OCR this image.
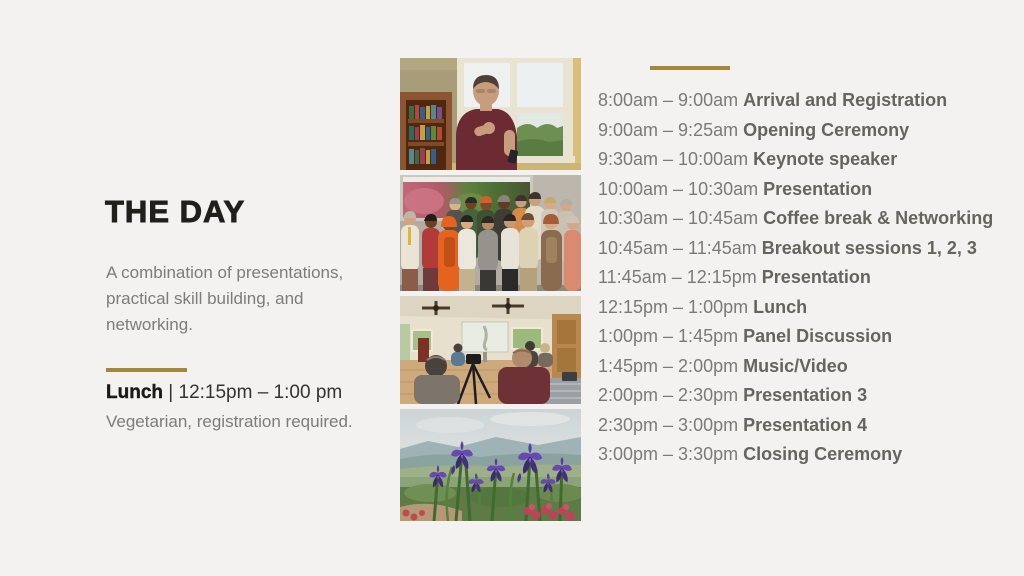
THE DAY

A combination of presentations, practical skill building, and networking.

Lunch | 12:15pm – 1:00 pm

Vegetarian, registration required.

8:00am – 9:00am Arrival and Registration
9:00am – 9:25am Opening Ceremony
9:30am – 10:00am Keynote speaker
10:00am – 10:30am Presentation
10:30am – 10:45am Coffee break & Networking
10:45am – 11:45am Breakout sessions 1, 2, 3
11:45am – 12:15pm Presentation
12:15pm – 1:00pm Lunch
1:00pm – 1:45pm Panel Discussion
1:45pm – 2:00pm Music/Video
2:00pm – 2:30pm Presentation 3
2:30pm – 3:00pm Presentation 4
3:00pm – 3:30pm Closing Ceremony
